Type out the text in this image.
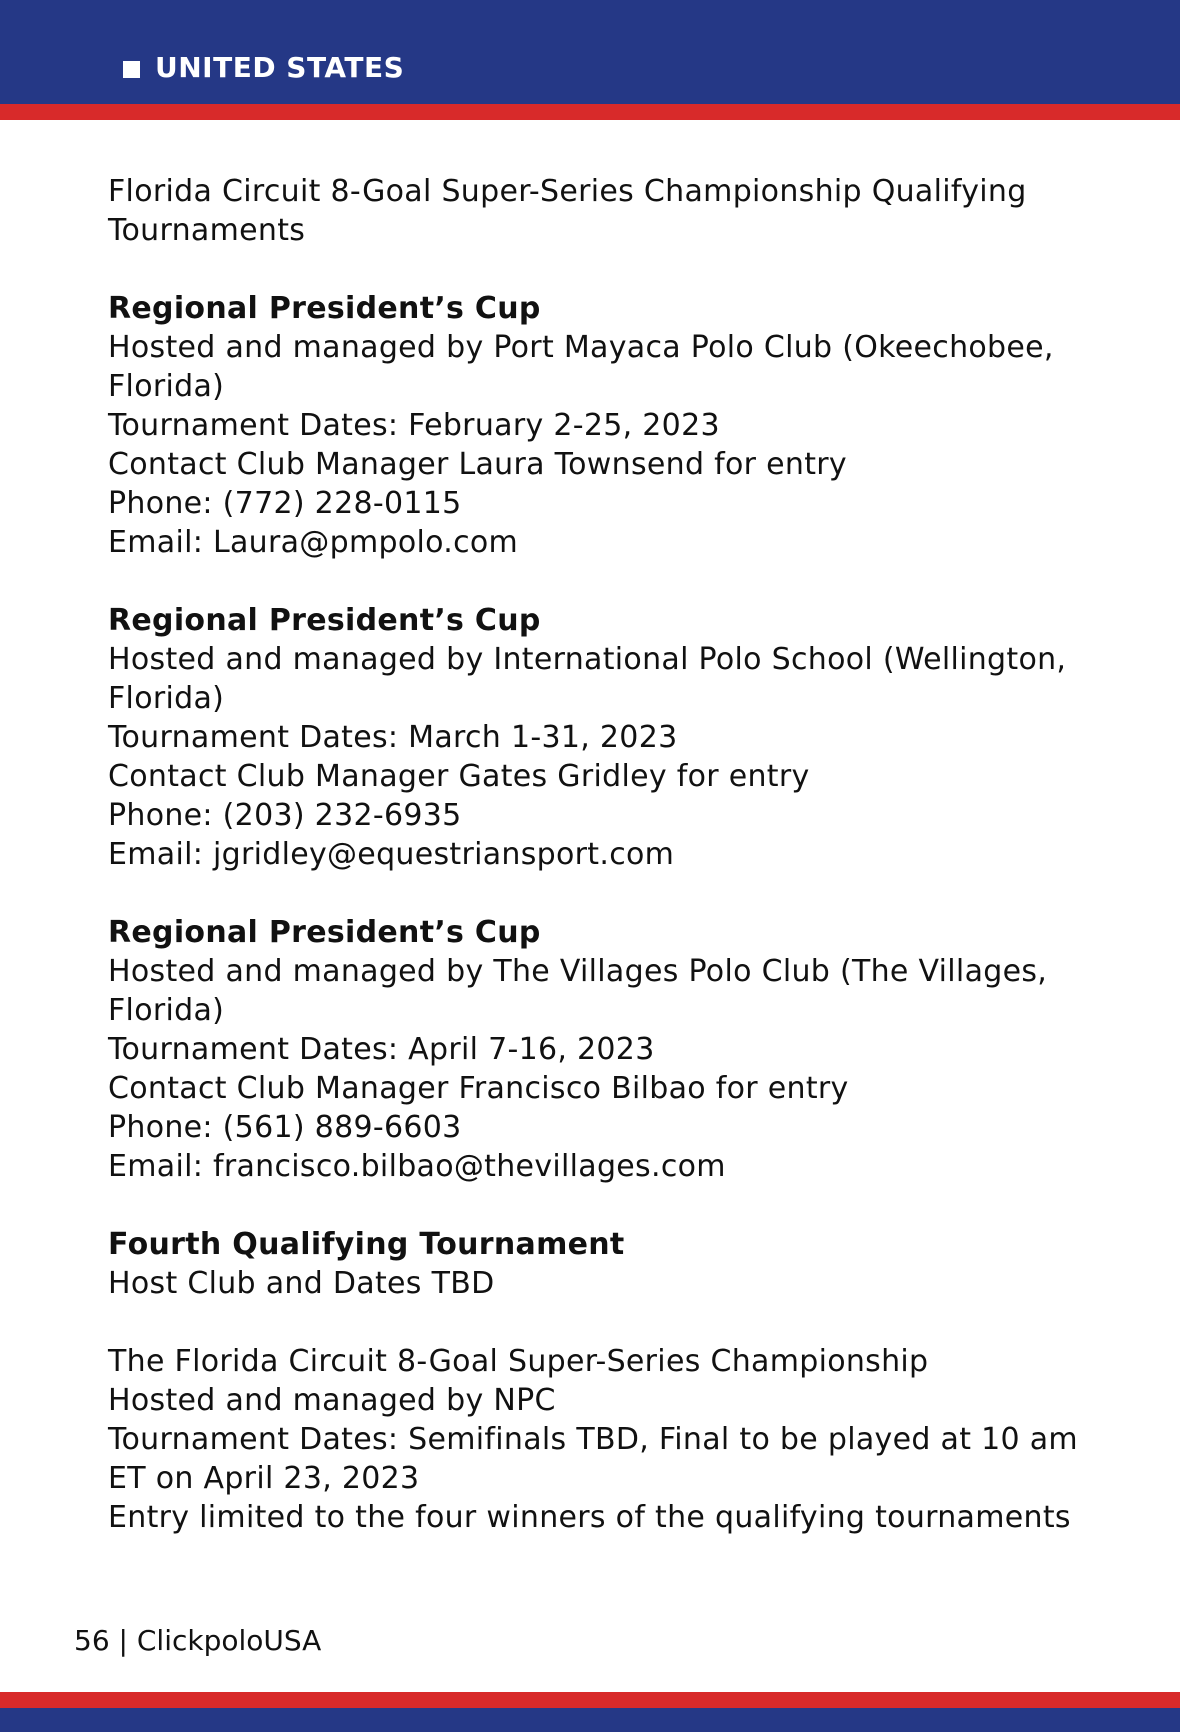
UNITED STATES

Florida Circuit 8-Goal Super-Series Championship Qualifying
Tournaments

Regional President’s Cup
Hosted and managed by Port Mayaca Polo Club (Okeechobee,
Florida)
Tournament Dates: February 2-25, 2023
Contact Club Manager Laura Townsend for entry
Phone: (772) 228-0115
Email: Laura@pmpolo.com

Regional President’s Cup
Hosted and managed by International Polo School (Wellington,
Florida)
Tournament Dates: March 1-31, 2023
Contact Club Manager Gates Gridley for entry
Phone: (203) 232-6935
Email: jgridley@equestriansport.com

Regional President’s Cup
Hosted and managed by The Villages Polo Club (The Villages,
Florida)
Tournament Dates: April 7-16, 2023
Contact Club Manager Francisco Bilbao for entry
Phone: (561) 889-6603
Email: francisco.bilbao@thevillages.com

Fourth Qualifying Tournament
Host Club and Dates TBD

The Florida Circuit 8-Goal Super-Series Championship
Hosted and managed by NPC
Tournament Dates: Semifinals TBD, Final to be played at 10 am
ET on April 23, 2023
Entry limited to the four winners of the qualifying tournaments

56 | ClickpoloUSA
